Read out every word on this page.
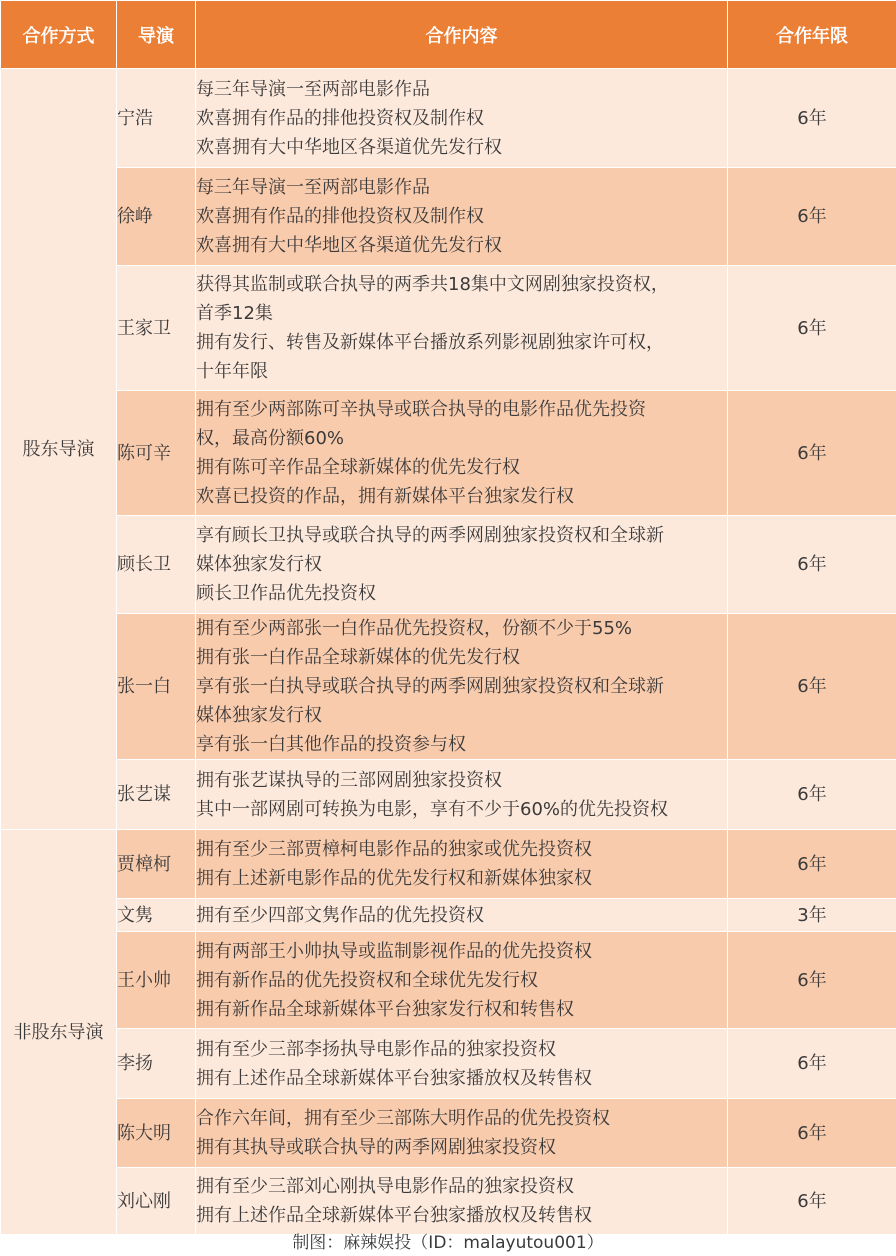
合作方式	导演	合作内容	合作年限
股东导演	宁浩	每三年导演一至两部电影作品
欢喜拥有作品的排他投资权及制作权
欢喜拥有大中华地区各渠道优先发行权	6年
	徐峥	每三年导演一至两部电影作品
欢喜拥有作品的排他投资权及制作权
欢喜拥有大中华地区各渠道优先发行权	6年
	王家卫	获得其监制或联合执导的两季共18集中文网剧独家投资权，
首季12集
拥有发行、转售及新媒体平台播放系列影视剧独家许可权，
十年年限	6年
	陈可辛	拥有至少两部陈可辛执导或联合执导的电影作品优先投资
权，最高份额60%
拥有陈可辛作品全球新媒体的优先发行权
欢喜已投资的作品，拥有新媒体平台独家发行权	6年
	顾长卫	享有顾长卫执导或联合执导的两季网剧独家投资权和全球新
媒体独家发行权
顾长卫作品优先投资权	6年
	张一白	拥有至少两部张一白作品优先投资权，份额不少于55%
拥有张一白作品全球新媒体的优先发行权
享有张一白执导或联合执导的两季网剧独家投资权和全球新
媒体独家发行权
享有张一白其他作品的投资参与权	6年
	张艺谋	拥有张艺谋执导的三部网剧独家投资权
其中一部网剧可转换为电影，享有不少于60%的优先投资权	6年
非股东导演	贾樟柯	拥有至少三部贾樟柯电影作品的独家或优先投资权
拥有上述新电影作品的优先发行权和新媒体独家权	6年
	文隽	拥有至少四部文隽作品的优先投资权	3年
	王小帅	拥有两部王小帅执导或监制影视作品的优先投资权
拥有新作品的优先投资权和全球优先发行权
拥有新作品全球新媒体平台独家发行权和转售权	6年
	李扬	拥有至少三部李扬执导电影作品的独家投资权
拥有上述作品全球新媒体平台独家播放权及转售权	6年
	陈大明	合作六年间，拥有至少三部陈大明作品的优先投资权
拥有其执导或联合执导的两季网剧独家投资权	6年
	刘心刚	拥有至少三部刘心刚执导电影作品的独家投资权
拥有上述作品全球新媒体平台独家播放权及转售权	6年
制图：麻辣娱投（ID：malayutou001）
